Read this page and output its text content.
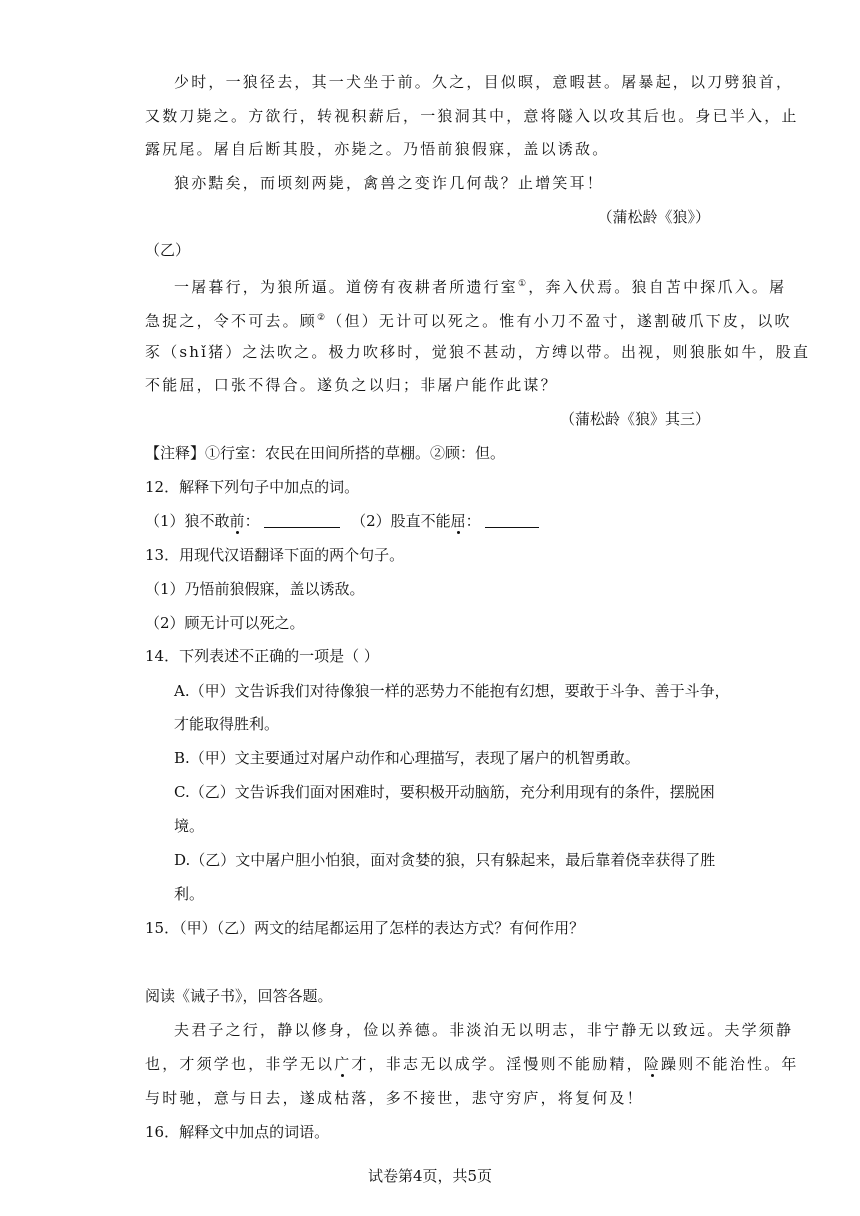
少时，一狼径去，其一犬坐于前。久之，目似暝，意暇甚。屠暴起，以刀劈狼首，
又数刀毙之。方欲行，转视积薪后，一狼洞其中，意将隧入以攻其后也。身已半入，止
露尻尾。屠自后断其股，亦毙之。乃悟前狼假寐，盖以诱敌。
狼亦黠矣，而顷刻两毙，禽兽之变诈几何哉？止增笑耳！
（蒲松龄《狼》）
（乙）
一屠暮行，为狼所逼。道傍有夜耕者所遗行室①，奔入伏焉。狼自苫中探爪入。屠
急捉之，令不可去。顾②（但）无计可以死之。惟有小刀不盈寸，遂割破爪下皮，以吹
豕（shǐ猪）之法吹之。极力吹移时，觉狼不甚动，方缚以带。出视，则狼胀如牛，股直
不能屈，口张不得合。遂负之以归；非屠户能作此谋？
（蒲松龄《狼》其三）
【注释】①行室：农民在田间所搭的草棚。②顾：但。
12．解释下列句子中加点的词。
（1）狼不敢前：　	（2）股直不能屈：
13．用现代汉语翻译下面的两个句子。
（1）乃悟前狼假寐，盖以诱敌。
（2）顾无计可以死之。
14．下列表述不正确的一项是（ ）
A.（甲）文告诉我们对待像狼一样的恶势力不能抱有幻想，要敢于斗争、善于斗争，
才能取得胜利。
B.（甲）文主要通过对屠户动作和心理描写，表现了屠户的机智勇敢。
C.（乙）文告诉我们面对困难时，要积极开动脑筋，充分利用现有的条件，摆脱困
境。
D.（乙）文中屠户胆小怕狼，面对贪婪的狼，只有躲起来，最后靠着侥幸获得了胜
利。
15．（甲）（乙）两文的结尾都运用了怎样的表达方式？有何作用？
阅读《诫子书》，回答各题。
夫君子之行，静以修身，俭以养德。非淡泊无以明志，非宁静无以致远。夫学须静
也，才须学也，非学无以广才，非志无以成学。淫慢则不能励精，险躁则不能治性。年
与时驰，意与日去，遂成枯落，多不接世，悲守穷庐，将复何及！
16．解释文中加点的词语。
试卷第4页，共5页
